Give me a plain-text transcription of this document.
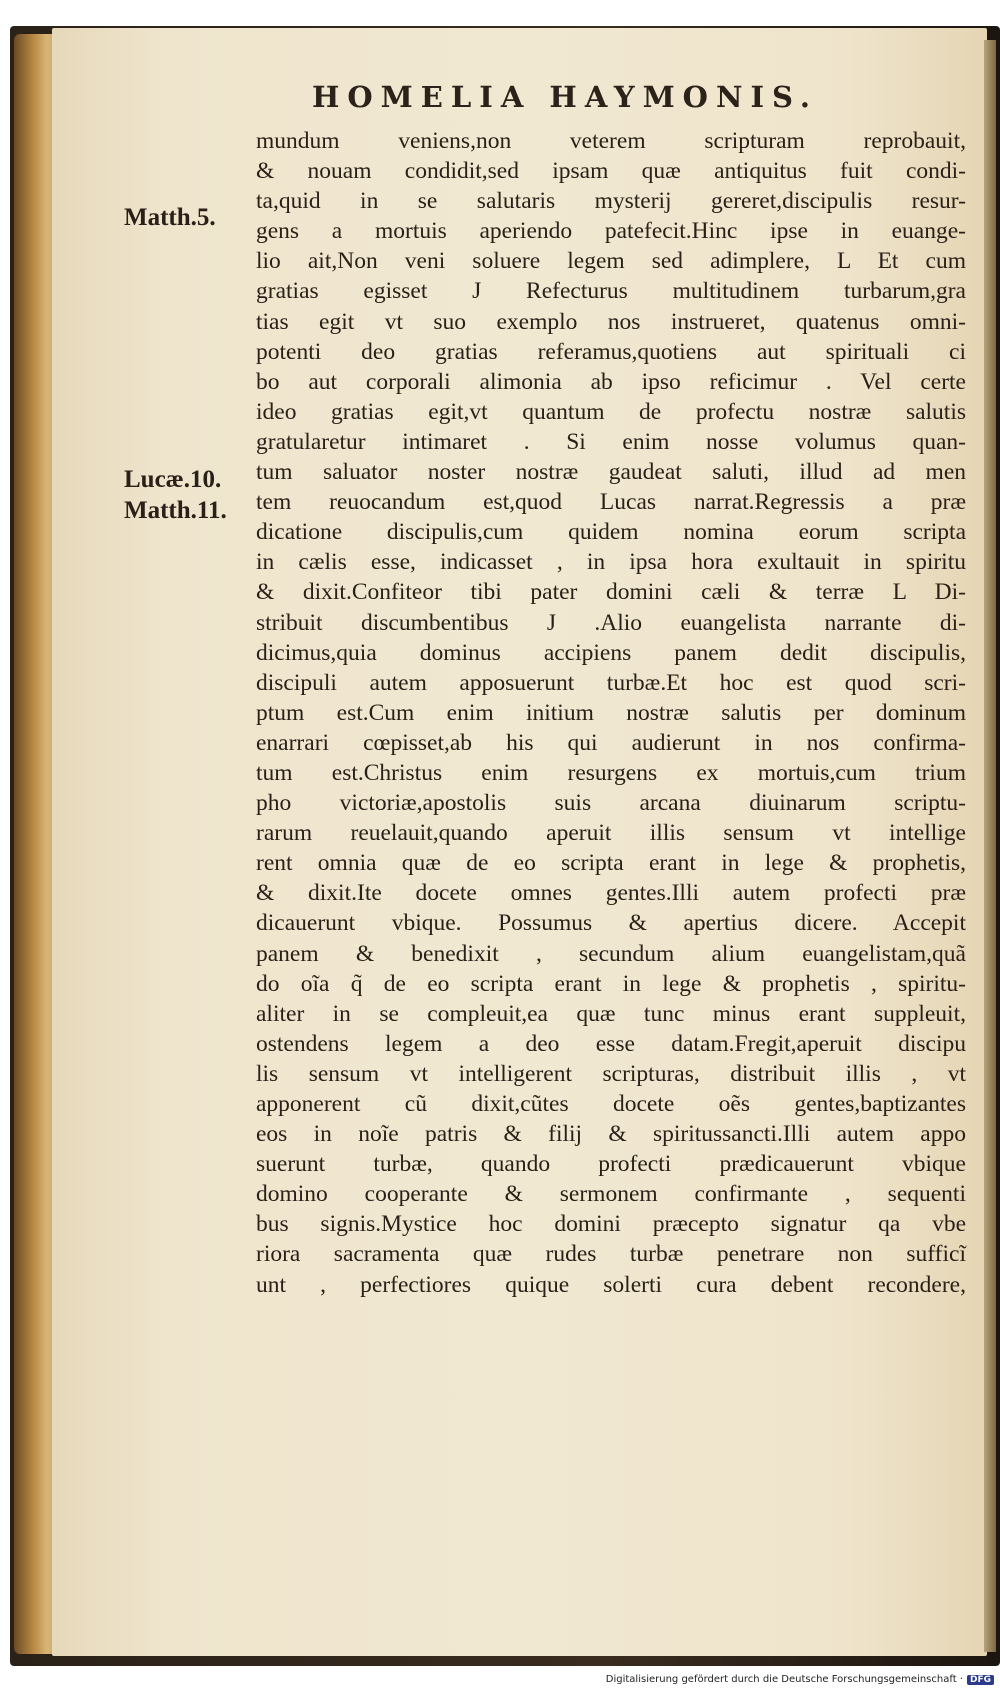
HOMELIA HAYMONIS.
Matth.5.
Lucæ.10.
Matth.11.
mundum veniens,non veterem scripturam reprobauit,
& nouam condidit,sed ipsam quæ antiquitus fuit condi-
ta,quid in se salutaris mysterij gereret,discipulis resur-
gens a mortuis aperiendo patefecit.Hinc ipse in euange-
lio ait,Non veni soluere legem sed adimplere, L Et cum
gratias egisset J Refecturus multitudinem turbarum,gra
tias egit vt suo exemplo nos instrueret, quatenus omni-
potenti deo gratias referamus,quotiens aut spirituali ci
bo aut corporali alimonia ab ipso reficimur . Vel certe
ideo gratias egit,vt quantum de profectu nostræ salutis
gratularetur intimaret . Si enim nosse volumus quan-
tum saluator noster nostræ gaudeat saluti, illud ad men
tem reuocandum est,quod Lucas narrat.Regressis a præ
dicatione discipulis,cum quidem nomina eorum scripta
in cælis esse, indicasset , in ipsa hora exultauit in spiritu
& dixit.Confiteor tibi pater domini cæli & terræ L Di-
stribuit discumbentibus J .Alio euangelista narrante di-
dicimus,quia dominus accipiens panem dedit discipulis,
discipuli autem apposuerunt turbæ.Et hoc est quod scri-
ptum est.Cum enim initium nostræ salutis per dominum
enarrari cœpisset,ab his qui audierunt in nos confirma-
tum est.Christus enim resurgens ex mortuis,cum trium
pho victoriæ,apostolis suis arcana diuinarum scriptu-
rarum reuelauit,quando aperuit illis sensum vt intellige
rent omnia quæ de eo scripta erant in lege & prophetis,
& dixit.Ite docete omnes gentes.Illi autem profecti præ
dicauerunt vbique. Possumus & apertius dicere. Accepit
panem & benedixit , secundum alium euangelistam,quã
do oĩa q̃ de eo scripta erant in lege & prophetis , spiritu-
aliter in se compleuit,ea quæ tunc minus erant suppleuit,
ostendens legem a deo esse datam.Fregit,aperuit discipu
lis sensum vt intelligerent scripturas, distribuit illis , vt
apponerent cũ dixit,cũtes docete oẽs gentes,baptizantes
eos in noĩe patris & filij & spiritussancti.Illi autem appo
suerunt turbæ, quando profecti prædicauerunt vbique
domino cooperante & sermonem confirmante , sequenti
bus signis.Mystice hoc domini præcepto signatur qa vbe
riora sacramenta quæ rudes turbæ penetrare non sufficĩ
unt , perfectiores quique solerti cura debent recondere,
Digitalisierung gefördert durch die Deutsche Forschungsgemeinschaft · DFG
